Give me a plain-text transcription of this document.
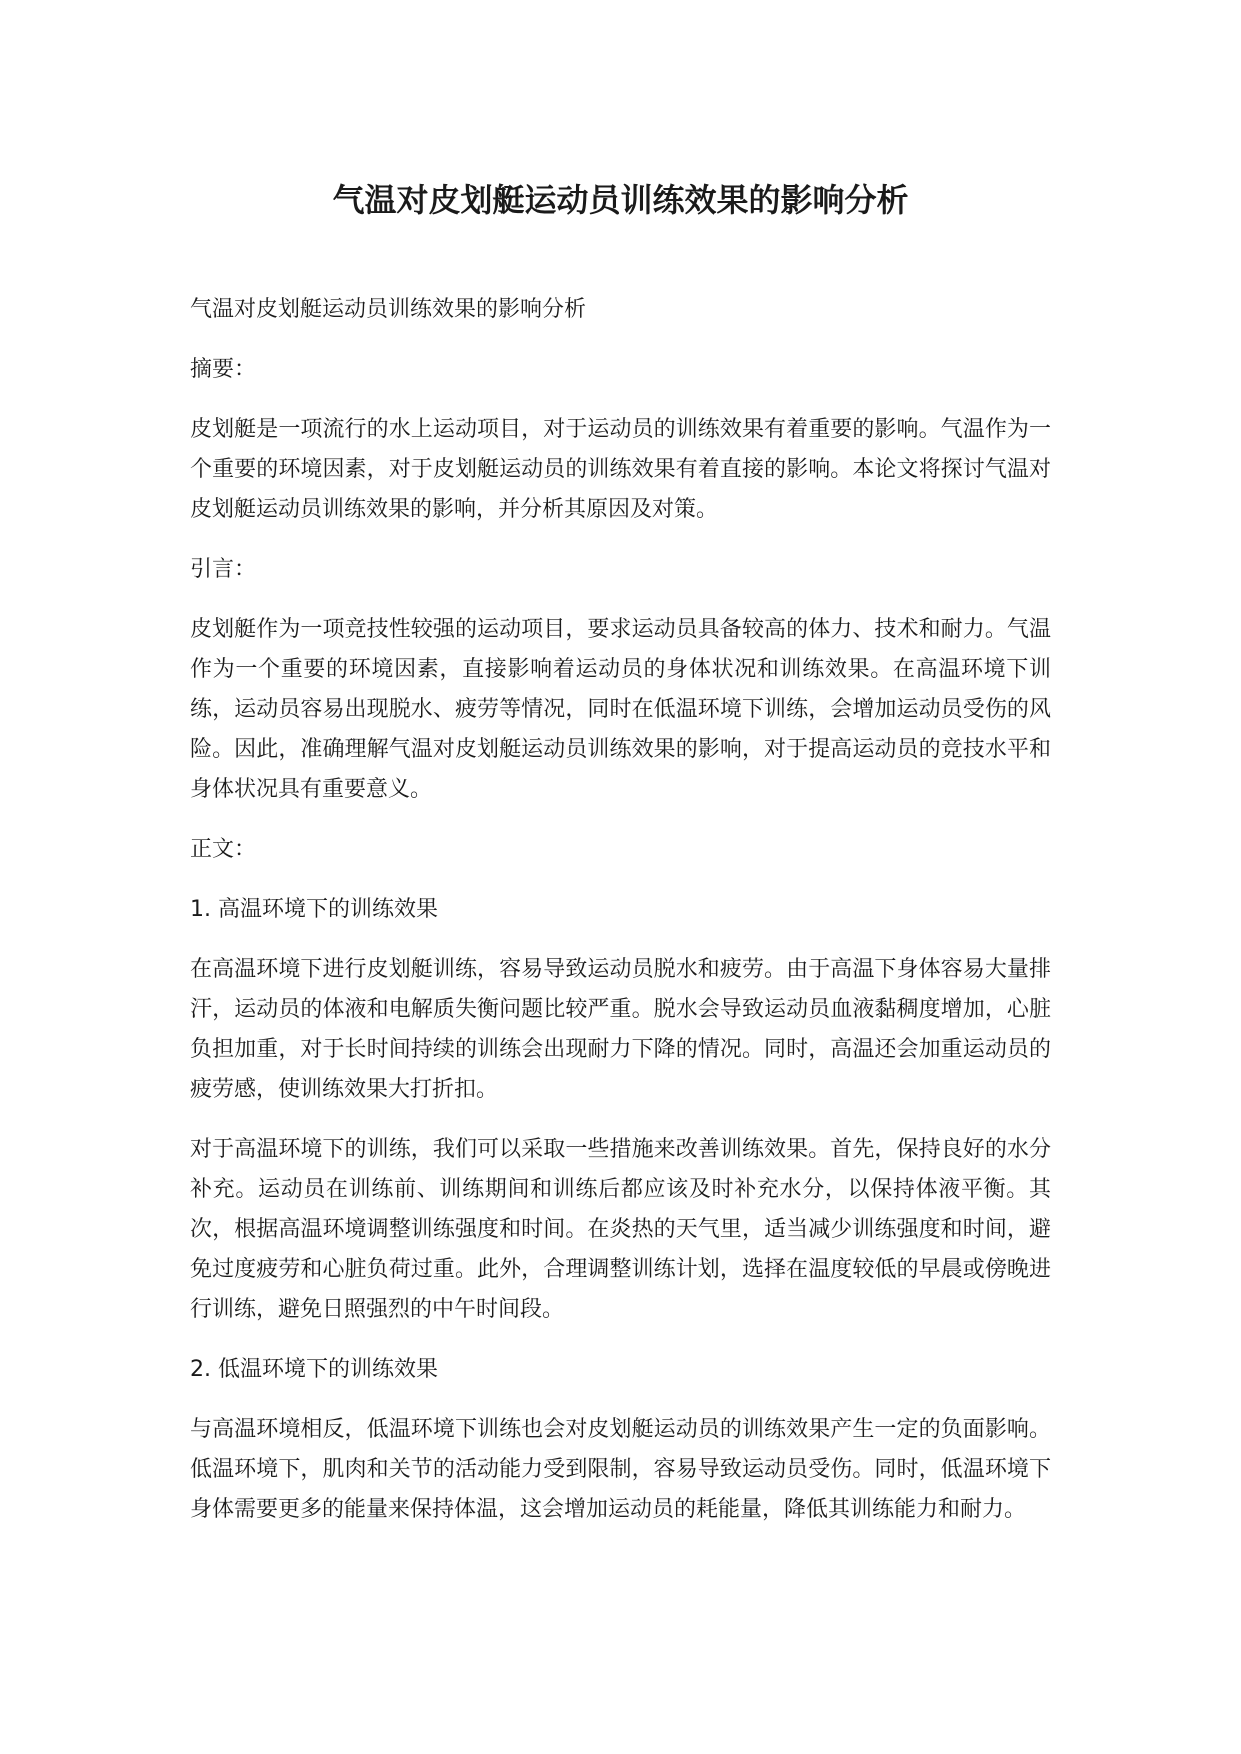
气温对皮划艇运动员训练效果的影响分析

气温对皮划艇运动员训练效果的影响分析

摘要：

皮划艇是一项流行的水上运动项目，对于运动员的训练效果有着重要的影响。气温作为一个重要的环境因素，对于皮划艇运动员的训练效果有着直接的影响。本论文将探讨气温对皮划艇运动员训练效果的影响，并分析其原因及对策。

引言：

皮划艇作为一项竞技性较强的运动项目，要求运动员具备较高的体力、技术和耐力。气温作为一个重要的环境因素，直接影响着运动员的身体状况和训练效果。在高温环境下训练，运动员容易出现脱水、疲劳等情况，同时在低温环境下训练，会增加运动员受伤的风险。因此，准确理解气温对皮划艇运动员训练效果的影响，对于提高运动员的竞技水平和身体状况具有重要意义。

正文：

1. 高温环境下的训练效果

在高温环境下进行皮划艇训练，容易导致运动员脱水和疲劳。由于高温下身体容易大量排汗，运动员的体液和电解质失衡问题比较严重。脱水会导致运动员血液黏稠度增加，心脏负担加重，对于长时间持续的训练会出现耐力下降的情况。同时，高温还会加重运动员的疲劳感，使训练效果大打折扣。

对于高温环境下的训练，我们可以采取一些措施来改善训练效果。首先，保持良好的水分补充。运动员在训练前、训练期间和训练后都应该及时补充水分，以保持体液平衡。其次，根据高温环境调整训练强度和时间。在炎热的天气里，适当减少训练强度和时间，避免过度疲劳和心脏负荷过重。此外，合理调整训练计划，选择在温度较低的早晨或傍晚进行训练，避免日照强烈的中午时间段。

2. 低温环境下的训练效果

与高温环境相反，低温环境下训练也会对皮划艇运动员的训练效果产生一定的负面影响。低温环境下，肌肉和关节的活动能力受到限制，容易导致运动员受伤。同时，低温环境下身体需要更多的能量来保持体温，这会增加运动员的耗能量，降低其训练能力和耐力。
